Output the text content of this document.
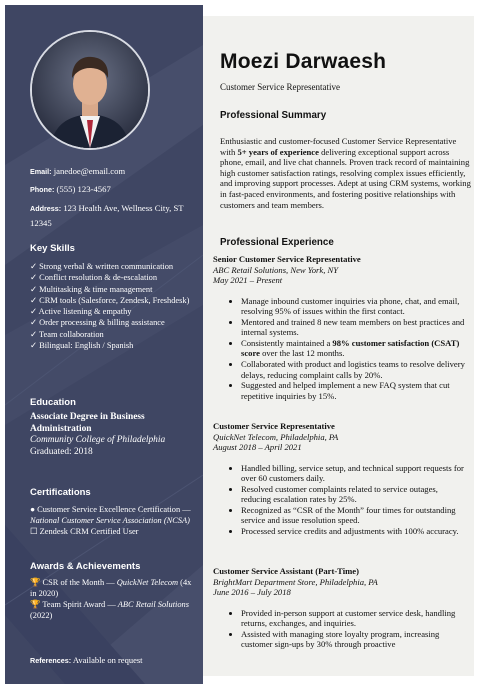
Email: janedoe@email.com
Phone: (555) 123-4567
Address: 123 Health Ave, Wellness City, ST 12345
Key Skills
✓ Strong verbal & written communication
✓ Conflict resolution & de-escalation
✓ Multitasking & time management
✓ CRM tools (Salesforce, Zendesk, Freshdesk)
✓ Active listening & empathy
✓ Order processing & billing assistance
✓ Team collaboration
✓ Bilingual: English / Spanish
Education
Associate Degree in Business Administration
Community College of Philadelphia
Graduated: 2018
Certifications
● Customer Service Excellence Certification — National Customer Service Association (NCSA)
☐ Zendesk CRM Certified User
Awards & Achievements
🏆 CSR of the Month — QuickNet Telecom (4x in 2020)
🏆 Team Spirit Award — ABC Retail Solutions (2022)
References: Available on request
Moezi Darwaesh
Customer Service Representative
Professional Summary
Enthusiastic and customer-focused Customer Service Representative with 5+ years of experience delivering exceptional support across phone, email, and live chat channels. Proven track record of maintaining high customer satisfaction ratings, resolving complex issues efficiently, and improving support processes. Adept at using CRM systems, working in fast-paced environments, and fostering positive relationships with customers and team members.
Professional Experience
Senior Customer Service Representative
ABC Retail Solutions, New York, NY
May 2021 – Present
• Manage inbound customer inquiries via phone, chat, and email, resolving 95% of issues within the first contact.
• Mentored and trained 8 new team members on best practices and internal systems.
• Consistently maintained a 98% customer satisfaction (CSAT) score over the last 12 months.
• Collaborated with product and logistics teams to resolve delivery delays, reducing complaint calls by 20%.
• Suggested and helped implement a new FAQ system that cut repetitive inquiries by 15%.
Customer Service Representative
QuickNet Telecom, Philadelphia, PA
August 2018 – April 2021
• Handled billing, service setup, and technical support requests for over 60 customers daily.
• Resolved customer complaints related to service outages, reducing escalation rates by 25%.
• Recognized as “CSR of the Month” four times for outstanding service and issue resolution speed.
• Processed service credits and adjustments with 100% accuracy.
Customer Service Assistant (Part-Time)
BrightMart Department Store, Philadelphia, PA
June 2016 – July 2018
• Provided in-person support at customer service desk, handling returns, exchanges, and inquiries.
• Assisted with managing store loyalty program, increasing customer sign-ups by 30% through proactive
